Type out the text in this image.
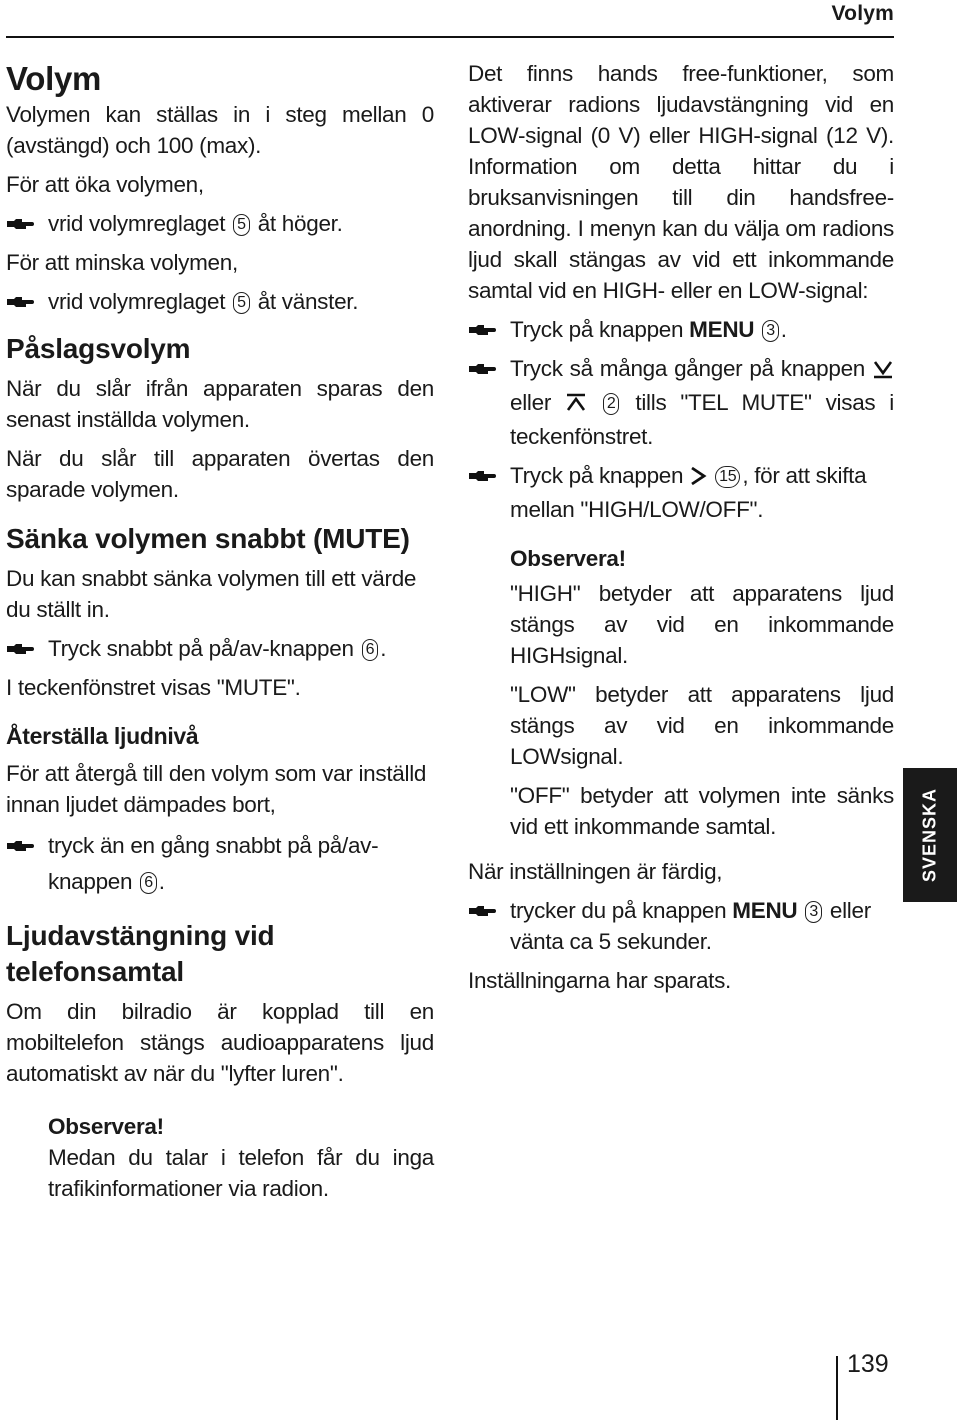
Volym
Volym

Volymen kan ställas in i steg mellan 0 (avstängd) och 100 (max).

För att öka volymen,

vrid volymreglaget 5 åt höger.

För att minska volymen,

vrid volymreglaget 5 åt vänster.
Påslagsvolym

När du slår ifrån apparaten sparas den senast inställda volymen.

När du slår till apparaten övertas den sparade volymen.

Sänka volymen snabbt (MUTE)

Du kan snabbt sänka volymen till ett värde du ställt in.

Tryck snabbt på på/av-knappen 6 .

I teckenfönstret visas "MUTE".

Återställa ljudnivå

För att återgå till den volym som var inställd innan ljudet dämpades bort,

tryck än en gång snabbt på på/av-knappen 6 .
Ljudavstängning vid telefonsamtal

Om din bilradio är kopplad till en mobiltelefon stängs audioapparatens ljud automatiskt av när du "lyfter luren".

Observera!

Medan du talar i telefon får du inga trafikinformationer via radion.

Det finns hands free-funktioner, som aktiverar radions ljudavstängning vid en LOW-signal (0 V) eller HIGH-signal (12 V). Information om detta hittar du i bruksanvisningen till din handsfree-anordning. I menyn kan du välja om radions ljud skall stängas av vid ett inkommande samtal vid en HIGH- eller en LOW-signal:

Tryck på knappen MENU 3 .
Tryck så många gånger på knappen  eller	2 tills "TEL MUTE" visas i teckenfönstret.
Tryck på knappen 15 , för att skifta mellan "HIGH/LOW/OFF".
Observera!

"HIGH" betyder att apparatens ljud stängs av vid en inkommande HIGHsignal.

"LOW" betyder att apparatens ljud stängs av vid en inkommande LOWsignal.

"OFF" betyder att volymen inte sänks vid ett inkommande samtal.

När inställningen är färdig,

trycker du på knappen MENU 3 eller vänta ca 5 sekunder.

Inställningarna har sparats.

SVENSKA
139
